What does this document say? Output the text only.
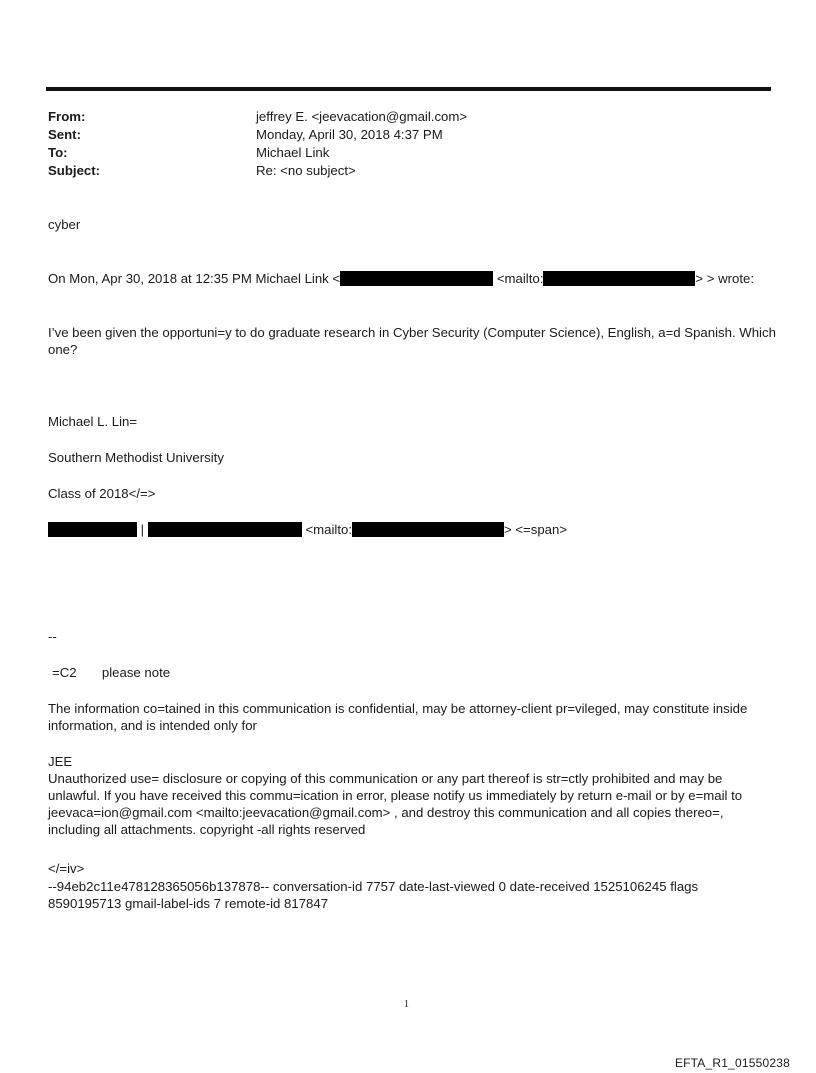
From:	jeffrey E. <jeevacation@gmail.com>
Sent:	Monday, April 30, 2018 4:37 PM
To:	Michael Link
Subject:	Re: <no subject>
cyber
On Mon, Apr 30, 2018 at 12:35 PM Michael Link <	<mailto:	> > wrote:
I’ve been given the opportuni=y to do graduate research in Cyber Security (Computer Science), English, a=d Spanish. Which one?
Michael L. Lin=
Southern Methodist University
Class of 2018</=>
|	<mailto:	> <=span>
--
=C2 please note
The information co=tained in this communication is confidential, may be attorney-client pr=vileged, may constitute inside information, and is intended only for
JEE
Unauthorized use= disclosure or copying of this communication or any part thereof is str=ctly prohibited and may be unlawful. If you have received this commu=ication in error, please notify us immediately by return e-mail or by e=mail to jeevaca=ion@gmail.com <mailto:jeevacation@gmail.com> , and destroy this communication and all copies thereo=, including all attachments. copyright -all rights reserved
</=iv>
--94eb2c11e478128365056b137878-- conversation-id 7757 date-last-viewed 0 date-received 1525106245 flags 8590195713 gmail-label-ids 7 remote-id 817847
1
EFTA_R1_01550238
